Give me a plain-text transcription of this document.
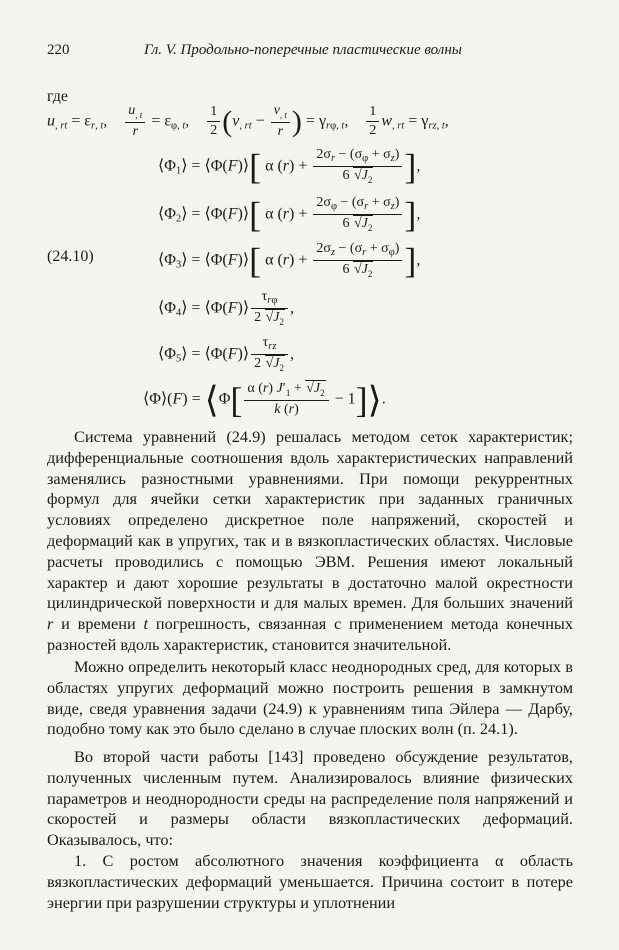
220	Гл. V. Продольно-поперечные пластические волны
где
$u_{, rt} = \varepsilon_{r, t}$, $\frac{u_{, t}}{r} = \varepsilon_{\varphi, t}$, $\frac{1}{2} (v_{, rt} - \frac{v_{, t}}{r}$ ) = $\gamma_{r\varphi, t}$, $\frac{1}{2} w_{, rt} = \gamma_{rz, t}$,
$⟨\Phi_1⟩$ = ⟨Φ(F)⟩[ α $(r) + \frac{2\sigma_r - (\sigma_\varphi + \sigma_z)}{6 √J_2}$ ],
$⟨\Phi_2⟩$ = ⟨Φ(F)⟩[ α $(r) + \frac{2\sigma_\varphi - (\sigma_r + \sigma_z)}{6 √J_2}$ ],
(24.10)	$⟨\Phi_3⟩$ = ⟨Φ(F)⟩[ α $(r) + \frac{2\sigma_z - (\sigma_r + \sigma_\varphi)}{6 √J_2}$ ],
$⟨\Phi_4⟩$ = ⟨Φ(F)⟩ $\frac{\tau_{r\varphi}}{2 √J_2}$ ,
$⟨\Phi_5⟩$ = ⟨Φ(F)⟩ $\frac{\tau_{rz}}{2 √J_2}$ ,
⟨Φ⟩(F) = ⟨Φ[ $\frac{\alpha (r) J'_1 + √J_2}{k (r)}$ − 1]⟩.

Система уравнений (24.9) решалась методом сеток характеристик; дифференциальные соотношения вдоль характеристических направлений заменялись разностными уравнениями. При помощи рекуррентных формул для ячейки сетки характеристик при заданных граничных условиях определено дискретное поле напряжений, скоростей и деформаций как в упругих, так и в вязкопластических областях. Числовые расчеты проводились с помощью ЭВМ. Решения имеют локальный характер и дают хорошие результаты в достаточно малой окрестности цилиндрической поверхности и для малых времен. Для больших значений r и времени t погрешность, связанная с применением метода конечных разностей вдоль характеристик, становится значительной.

Можно определить некоторый класс неоднородных сред, для которых в областях упругих деформаций можно построить решения в замкнутом виде, сведя уравнения задачи (24.9) к уравнениям типа Эйлера — Дарбу, подобно тому как это было сделано в случае плоских волн (п. 24.1).

Во второй части работы [143] проведено обсуждение результатов, полученных численным путем. Анализировалось влияние физических параметров и неоднородности среды на распределение поля напряжений и скоростей и размеры области вязкопластических деформаций. Оказывалось, что:

1. С ростом абсолютного значения коэффициента α область вязкопластических деформаций уменьшается. Причина состоит в потере энергии при разрушении структуры и уплотнении
